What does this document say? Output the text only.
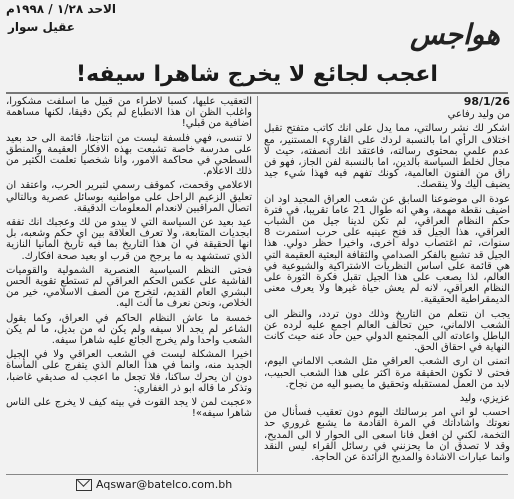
الاحد ١/٢٨ / ١٩٩٨م
عقيل سوار	هواجس
اعجب لجائع لا يخرج شاهرا سيفه!
98/1/26

من وليد رفاعي

اشكر لك نشر رسالتي، مما يدل على انك كاتب متفتح تقبل اختلاف الرأي اما بالنسبة لردك على القاريء المستنير، مع عدم علمي بمحتوى رسالته، فاعتقد انك انصفته، حيث لا مجال لخلط السياسة بالدين، اما بالنسبة لفن الجاز، فهو فن راق من الفنون العالمية، كونك تفهم فيه فهذا شيء جيد يضيف اليك ولا ينقصك.

عودة الى موضوعنا السابق عن شعب العراق المجيد اود ان اضيف نقطة مهمة، وهي انه طوال 21 عاما تقريبا، في فترة حكم النظام العراقي، لم تكن لدينا جيل من الشباب العراقي، هذا الجيل قد فتح عينيه على حرب استمرت 8 سنوات، ثم اغتصاب دولة اخرى، واخيرا حظر دولي. هذا الجيل قد تشبع بالفكر الصدامي والثقافة البعثية العقيمة التي هي قائمة على اساس النظريات الاشتراكية والشيوعية في العالم، لذا يصعب على هذا الجيل تقبل فكرة الثورة على النظام العراقي، لانه لم يعش حياة غيرها ولا يعرف معنى الديمقراطية الحقيقية.

يجب ان نتعلم من التاريخ وذلك دون تردد، والنظر الى الشعب الالماني، حين تحالف العالم اجمع عليه لرده عن الباطل واعادته الى المجتمع الدولي حين حاد عنه حيث كانت النهاية في احقاق الحق.

اتمنى ان ارى الشعب العراقي مثل الشعب الالماني اليوم، فحتى لا تكون الحقيقة مرة اكثر على هذا الشعب الحبيب، لابد من العمل لمستقبله وتحقيق ما يصبو اليه من نجاح.

عزيزي، وليد

احسب لو اني امر برسالتك اليوم دون تعقيب فسأنال من نعوتك واشاداتك في المرة القادمة ما يشبع غروري حد التخمة، لكني لن افعل فانا اسعى الى الحوار لا الى المديح، وقد لا تصدق ان ما يحزنني في رسائل القراء ليس النقد وانما عبارات الاشادة والمديح الزائدة عن الحاجة.

التعقيب عليها، كسبا لاطراء من قبيل ما اسلفت مشكورا، واغلب الظن ان هذا الانطباع لم يكن دقيقا، لكنها مساهمة اضافية من قبلي!

لا تنسى، فهي فلسفة ليست من انتاجنا، قائمة الى حد بعيد على مدرسة خاصة تشبعت بهذه الافكار العقيمة والمنطق السطحي في محاكمة الامور، وانا شخصيا تعلمت الكثير من ذلك الاعلام.

الاعلامي وقحمت، كموقف رسمي لتبرير الحرب، واعتقد ان تعليق الزعيم الراحل على مواطنيه بوسائل عصرية وبالتالي اتصال المراقبين لانعدام المعلومات الدقيقة.

عيد بعيد عن السياسة التي لا يبدو من لك وعجبك انك تفقه ابجديات المتابعة، ولا تعرف العلاقة بين اي حكم وشعبه، بل انها الحقيقة في ان هذا التاريخ بما فيه تاريخ المانيا النازية الذي تستشهد به ما يرجح من قرب او بعيد صحة افكارك.

فحتى النظم السياسية العنصرية الشمولية والقوميات الفاشية على عكس الحكم العراقي لم تستطع تقوية الحس البشري العام القديم، لتخرج من الصف الاسلامي، خير من الخلاص، ونحن نعرف ما آلت اليه.

خمسة ما عاش النظام الحاكم في العراق، وكما يقول الشاعر لم يجد الا سيفه ولم يكن له من بديل، ما لم يكن الشعب واحدا ولم يخرج الجائع عليه شاهرا سيفه.

اخيرا المشكلة ليست في الشعب العراقي ولا في الجيل الجديد منه، وانما في هذا العالم الذي يتفرج على المأساة دون ان يحرك ساكنا، فلا تجعل ما اعجب له صديقي غاضبا، وتذكر ما قاله ابو ذر الغفاري:

«عجبت لمن لا يجد القوت في بيته كيف لا يخرج على الناس شاهرا سيفه»!

Aqswar@batelco.com.bh
